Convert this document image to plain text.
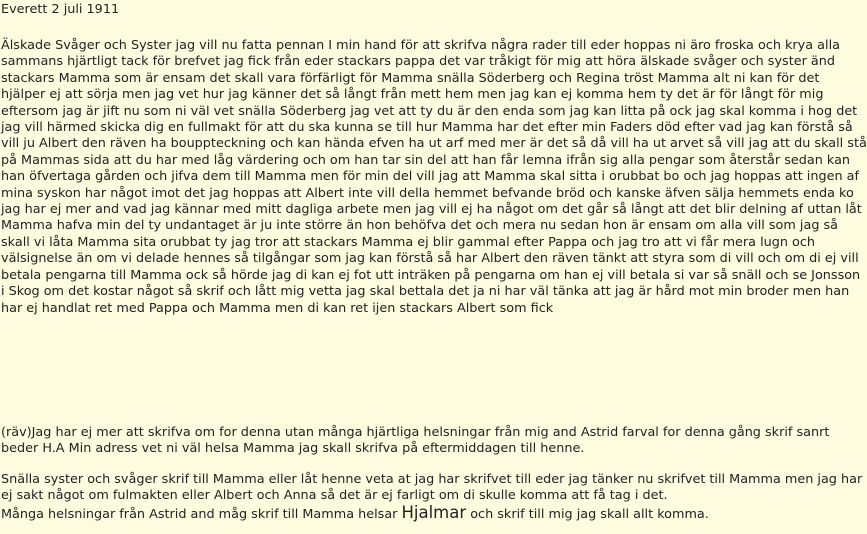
Everett 2 juli 1911
Älskade Svåger och Syster jag vill nu fatta pennan I min hand för att skrifva några rader till eder hoppas ni äro froska och krya alla sammans hjärtligt tack för brefvet jag fick från eder stackars pappa det var tråkigt för mig att höra älskade svåger och syster änd stackars Mamma som är ensam det skall vara förfärligt för Mamma snälla Söderberg och Regina tröst Mamma alt ni kan för det hjälper ej att sörja men jag vet hur jag känner det så långt från mett hem men jag kan ej komma hem ty det är för långt för mig eftersom jag är jift nu som ni väl vet snälla Söderberg jag vet att ty du är den enda som jag kan litta på ock jag skal komma i hog det jag vill härmed skicka dig en fullmakt för att du ska kunna se till hur Mamma har det efter min Faders död efter vad jag kan förstå så vill ju Albert den räven ha bouppteckning och kan hända efven ha ut arf med mer är det så då vill ha ut arvet så vill jag att du skall stå på Mammas sida att du har med låg värdering och om han tar sin del att han får lemna ifrån sig alla pengar som återstår sedan kan han öfvertaga gården och jifva dem till Mamma men för min del vill jag att Mamma skal sitta i orubbat bo och jag hoppas att ingen af mina syskon har något imot det jag hoppas att Albert inte vill della hemmet befvande bröd och kanske äfven sälja hemmets enda ko jag har ej mer and vad jag kännar med mitt dagliga arbete men jag vill ej ha något om det går så långt att det blir delning af uttan låt Mamma hafva min del ty undantaget är ju inte större än hon behöfva det och mera nu sedan hon är ensam om alla vill som jag så skall vi låta Mamma sita orubbat ty jag tror att stackars Mamma ej blir gammal efter Pappa och jag tro att vi får mera lugn och välsignelse än om vi delade hennes så tilgångar som jag kan förstå så har Albert den räven tänkt att styra som di vill och om di ej vill betala pengarna till Mamma ock så hörde jag di kan ej fot utt inträken på pengarna om han ej vill betala si var så snäll och se Jonsson i Skog om det kostar något så skrif och lått mig vetta jag skal bettala det ja ni har väl tänka att jag är hård mot min broder men han har ej handlat ret med Pappa och Mamma men di kan ret ijen stackars Albert som fick
(räv)Jag har ej mer att skrifva om for denna utan många hjärtliga helsningar från mig and Astrid farval for denna gång skrif sanrt beder H.A Min adress vet ni väl helsa Mamma jag skall skrifva på eftermiddagen till henne.
Snälla syster och svåger skrif till Mamma eller låt henne veta at jag har skrifvet till eder jag tänker nu skrifvet till Mamma men jag har ej sakt något om fulmakten eller Albert och Anna så det är ej farligt om di skulle komma att få tag i det.
Många helsningar från Astrid and måg skrif till Mamma helsar Hjalmar och skrif till mig jag skall allt komma.
